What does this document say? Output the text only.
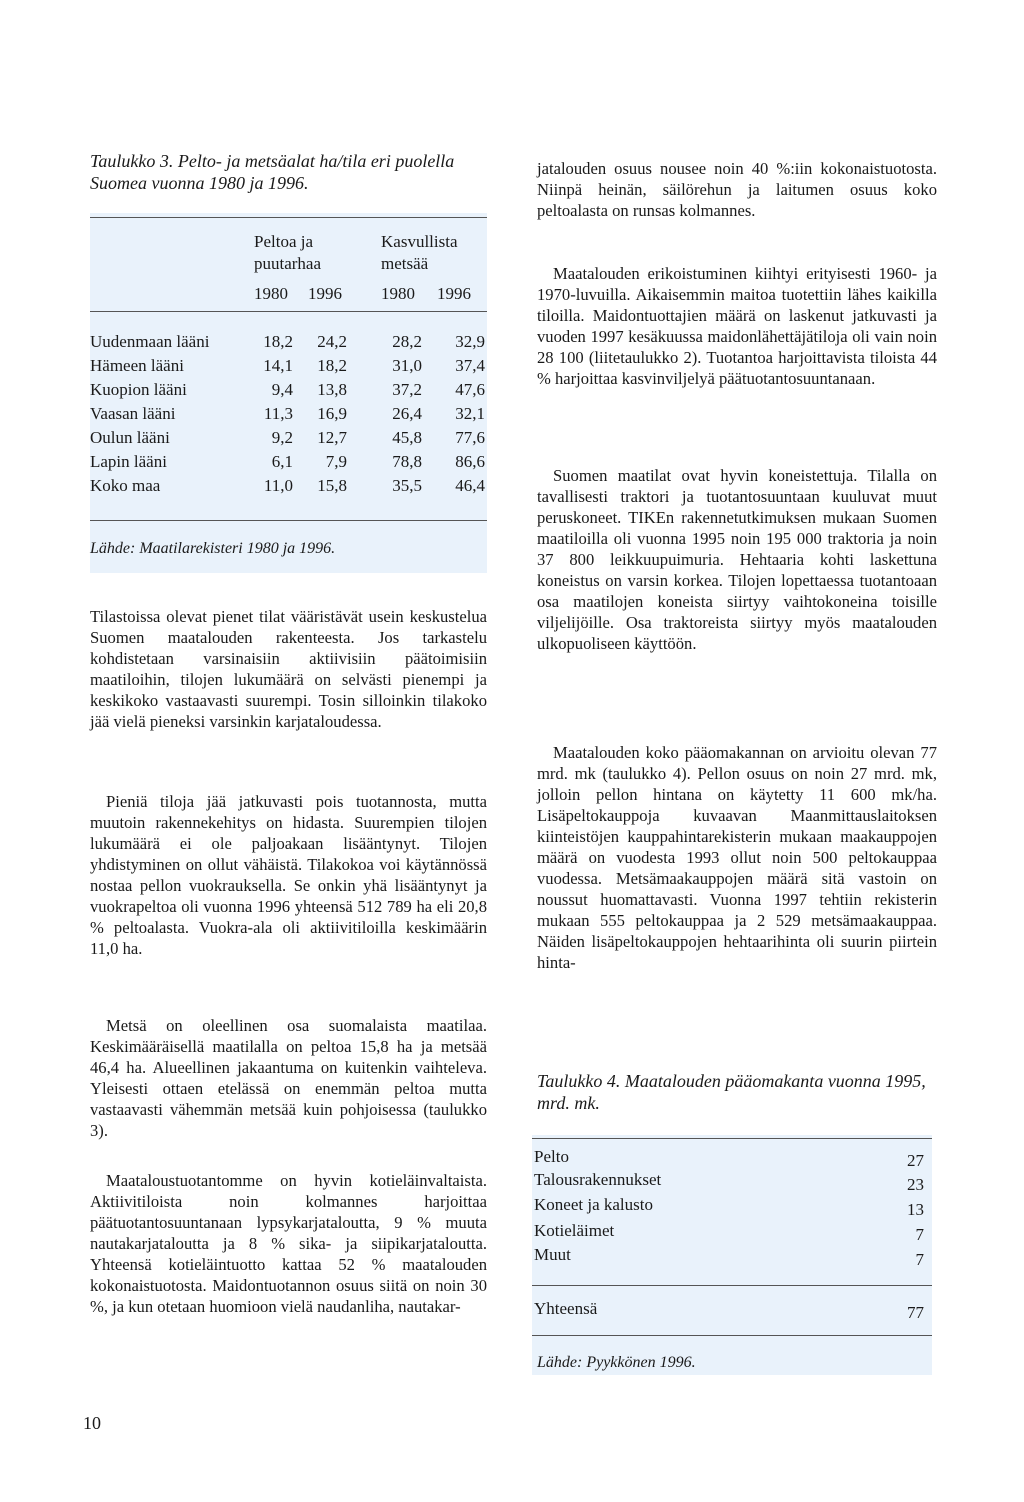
Taulukko 3. Pelto- ja metsäalat ha/tila eri puolella Suomea vuonna 1980 ja 1996.

Peltoa ja
puutarhaa
Kasvullista
metsää
1980 1996 1980 1996
Uudenmaan lääni	18,2	24,2	28,2	32,9
Hämeen lääni	14,1	18,2	31,0	37,4
Kuopion lääni	9,4	13,8	37,2	47,6
Vaasan lääni	11,3	16,9	26,4	32,1
Oulun lääni	9,2	12,7	45,8	77,6
Lapin lääni	6,1	7,9	78,8	86,6
Koko maa	11,0	15,8	35,5	46,4
Lähde: Maatilarekisteri 1980 ja 1996.

Tilastoissa olevat pienet tilat vääristävät usein keskustelua Suomen maatalouden rakenteesta. Jos tarkastelu kohdistetaan varsinaisiin aktiivisiin päätoimisiin maatiloihin, tilojen lukumäärä on selvästi pienempi ja keskikoko vastaavasti suurempi. Tosin silloinkin tilakoko jää vielä pieneksi varsinkin karjataloudessa.

Pieniä tiloja jää jatkuvasti pois tuotannosta, mutta muutoin rakennekehitys on hidasta. Suurempien tilojen lukumäärä ei ole paljoakaan lisääntynyt. Tilojen yhdistyminen on ollut vähäistä. Tilakokoa voi käytännössä nostaa pellon vuokrauksella. Se onkin yhä lisääntynyt ja vuokrapeltoa oli vuonna 1996 yhteensä 512 789 ha eli 20,8 % peltoalasta. Vuokra-ala oli aktiivitiloilla keskimäärin 11,0 ha.

Metsä on oleellinen osa suomalaista maatilaa. Keskimääräisellä maatilalla on peltoa 15,8 ha ja metsää 46,4 ha. Alueellinen jakaantuma on kuitenkin vaihteleva. Yleisesti ottaen etelässä on enemmän peltoa mutta vastaavasti vähemmän metsää kuin pohjoisessa (taulukko 3).

Maataloustuotantomme on hyvin kotieläinvaltaista. Aktiivitiloista noin kolmannes harjoittaa päätuotantosuuntanaan lypsykarjataloutta, 9 % muuta nautakarjataloutta ja 8 % sika- ja siipikarjataloutta. Yhteensä kotieläintuotto kattaa 52 % maatalouden kokonaistuotosta. Maidontuotannon osuus siitä on noin 30 %, ja kun otetaan huomioon vielä naudanliha, nautakar-

jatalouden osuus nousee noin 40 %:iin kokonaistuotosta. Niinpä heinän, säilörehun ja laitumen osuus koko peltoalasta on runsas kolmannes.

Maatalouden erikoistuminen kiihtyi erityisesti 1960- ja 1970-luvuilla. Aikaisemmin maitoa tuotettiin lähes kaikilla tiloilla. Maidontuottajien määrä on laskenut jatkuvasti ja vuoden 1997 kesäkuussa maidonlähettäjätiloja oli vain noin 28 100 (liitetaulukko 2). Tuotantoa harjoittavista tiloista 44 % harjoittaa kasvinviljelyä päätuotantosuuntanaan.

Suomen maatilat ovat hyvin koneistettuja. Tilalla on tavallisesti traktori ja tuotantosuuntaan kuuluvat muut peruskoneet. TIKEn rakennetutkimuksen mukaan Suomen maatiloilla oli vuonna 1995 noin 195 000 traktoria ja noin 37 800 leikkuupuimuria. Hehtaaria kohti laskettuna koneistus on varsin korkea. Tilojen lopettaessa tuotantoaan osa maatilojen koneista siirtyy vaihtokoneina toisille viljelijöille. Osa traktoreista siirtyy myös maatalouden ulkopuoliseen käyttöön.

Maatalouden koko pääomakannan on arvioitu olevan 77 mrd. mk (taulukko 4). Pellon osuus on noin 27 mrd. mk, jolloin pellon hintana on käytetty 11 600 mk/ha. Lisäpeltokauppoja kuvaavan Maanmittauslaitoksen kiinteistöjen kauppahintarekisterin mukaan maakauppojen määrä on vuodesta 1993 ollut noin 500 peltokauppaa vuodessa. Metsämaakauppojen määrä sitä vastoin on noussut huomattavasti. Vuonna 1997 tehtiin rekisterin mukaan 555 peltokauppaa ja 2 529 metsämaakauppaa. Näiden lisäpeltokauppojen hehtaarihinta oli suurin piirtein hinta-

Taulukko 4. Maatalouden pääomakanta vuonna 1995, mrd. mk.

Pelto	27
Talousrakennukset	23
Koneet ja kalusto	13
Kotieläimet	7
Muut	7
Yhteensä	77
Lähde: Pyykkönen 1996.
10
